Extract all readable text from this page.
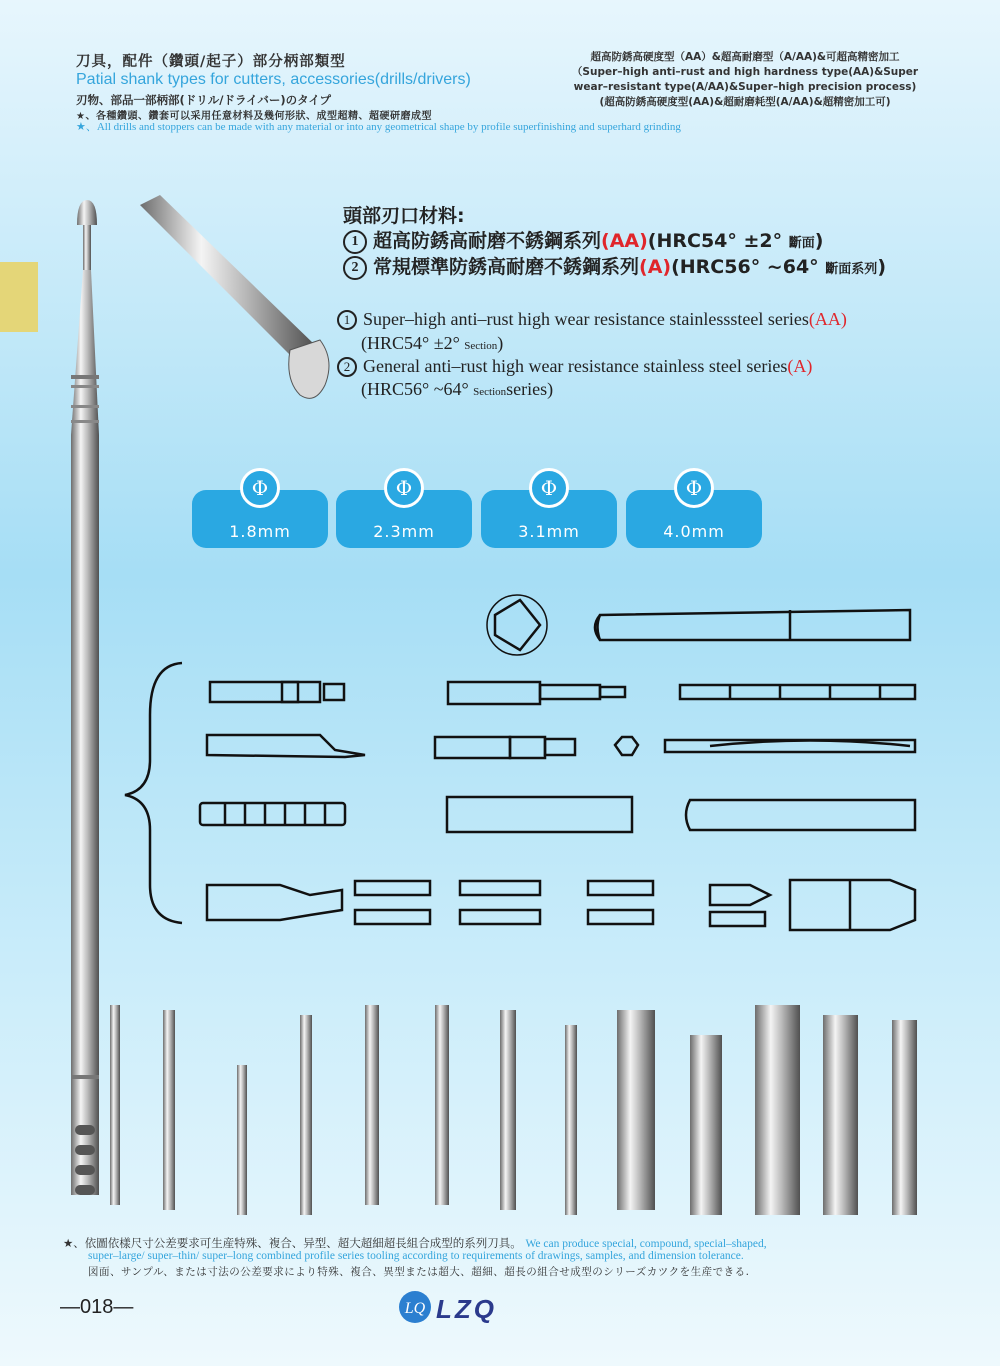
刀具，配件（鑽頭/起子）部分柄部類型
Patial shank types for cutters, accessories(drills/drivers)
刃物、部品一部柄部(ドリル/ドライバー)のタイプ
★、各種鑽頭、鑽套可以采用任意材料及幾何形狀、成型超精、超硬研磨成型
★、All drills and stoppers can be made with any material or into any geometrical shape by profile superfinishing and superhard grinding
超高防銹高硬度型（AA）&超高耐磨型（A/AA)&可超高精密加工
（Super–high anti–rust and high hardness type(AA)&Super
wear–resistant type(A/AA)&Super–high precision process)
(超高防銹高硬度型(AA)&超耐磨耗型(A/AA)&超精密加工可)
頭部刃口材料:
1 超高防銹高耐磨不銹鋼系列(AA)(HRC54° ±2° 斷面)
2 常規標準防銹高耐磨不銹鋼系列(A)(HRC56° ~64° 斷面系列)
1 Super–high anti–rust high wear resistance stainlesssteel series(AA)
(HRC54° ±2° Section)
2 General anti–rust high wear resistance stainless steel series(A)
(HRC56° ~64° Sectionseries)
Φ
1.8mm
Φ
2.3mm
Φ
3.1mm
Φ
4.0mm
★、依圖依樣尺寸公差要求可生産特殊、複合、异型、超大超細超長組合成型的系列刀具。 We can produce special, compound, special–shaped,
super–large/ super–thin/ super–long combined profile series tooling according to requirements of drawings, samples, and dimension tolerance.
図面、サンプル、または寸法の公差要求により特殊、複合、異型または超大、超細、超長の組合せ成型のシリーズカツクを生産できる.
—018—	LQ LZQ
